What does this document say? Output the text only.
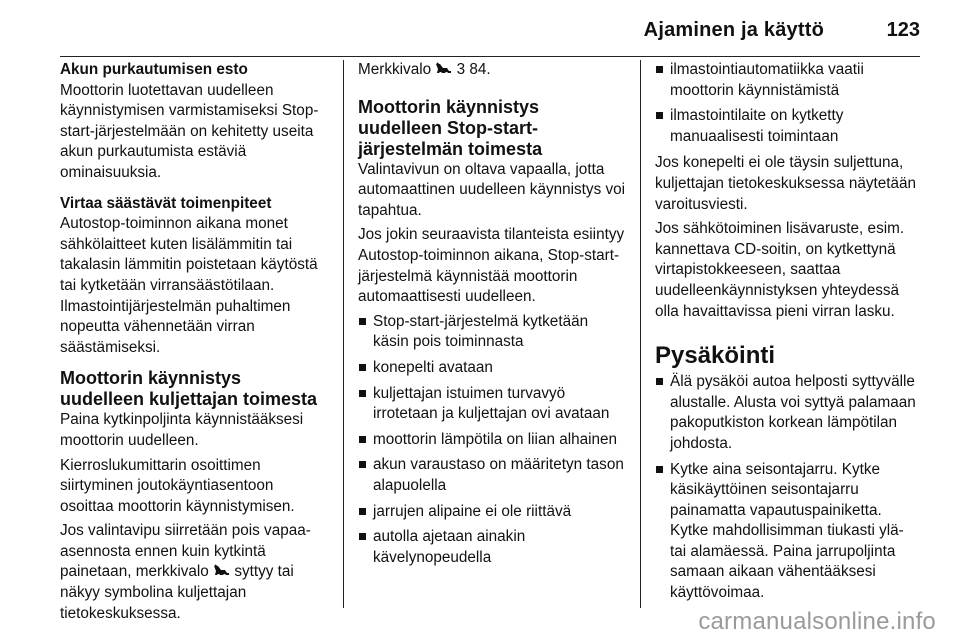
Ajaminen ja käyttö	123

Akun purkautumisen esto

Moottorin luotettavan uudelleen käynnistymisen varmistamiseksi Stop-start-järjestelmään on kehitetty useita akun purkautumista estäviä ominaisuuksia.

Virtaa säästävät toimenpiteet

Autostop-toiminnon aikana monet sähkölaitteet kuten lisälämmitin tai takalasin lämmitin poistetaan käytöstä tai kytketään virransäästötilaan. Ilmastointijärjestelmän puhaltimen nopeutta vähennetään virran säästämiseksi.

Moottorin käynnistys uudelleen kuljettajan toimesta

Paina kytkinpoljinta käynnistääksesi moottorin uudelleen.

Kierroslukumittarin osoittimen siirtyminen joutokäyntiasentoon osoittaa moottorin käynnistymisen.

Jos valintavipu siirretään pois vapaa-asennosta ennen kuin kytkintä painetaan, merkkivalo syttyy tai näkyy symbolina kuljettajan tietokeskuksessa.

Merkkivalo 3 84.

Moottorin käynnistys uudelleen Stop-start-järjestelmän toimesta

Valintavivun on oltava vapaalla, jotta automaattinen uudelleen käynnistys voi tapahtua.

Jos jokin seuraavista tilanteista esiintyy Autostop-toiminnon aikana, Stop-start-järjestelmä käynnistää moottorin automaattisesti uudelleen.

Stop-start-järjestelmä kytketään käsin pois toiminnasta
konepelti avataan
kuljettajan istuimen turvavyö irrotetaan ja kuljettajan ovi avataan
moottorin lämpötila on liian alhainen
akun varaustaso on määritetyn tason alapuolella
jarrujen alipaine ei ole riittävä
autolla ajetaan ainakin kävelynopeudella
ilmastointiautomatiikka vaatii moottorin käynnistämistä
ilmastointilaite on kytketty manuaalisesti toimintaan

Jos konepelti ei ole täysin suljettuna, kuljettajan tietokeskuksessa näytetään varoitusviesti.

Jos sähkötoiminen lisävaruste, esim. kannettava CD-soitin, on kytkettynä virtapistokkeeseen, saattaa uudelleenkäynnistyksen yhteydessä olla havaittavissa pieni virran lasku.

Pysäköinti
Älä pysäköi autoa helposti syttyvälle alustalle. Alusta voi syttyä palamaan pakoputkiston korkean lämpötilan johdosta.
Kytke aina seisontajarru. Kytke käsikäyttöinen seisontajarru painamatta vapautuspainiketta. Kytke mahdollisimman tiukasti ylä- tai alamäessä. Paina jarrupoljinta samaan aikaan vähentääksesi käyttövoimaa.
carmanualsonline.info
